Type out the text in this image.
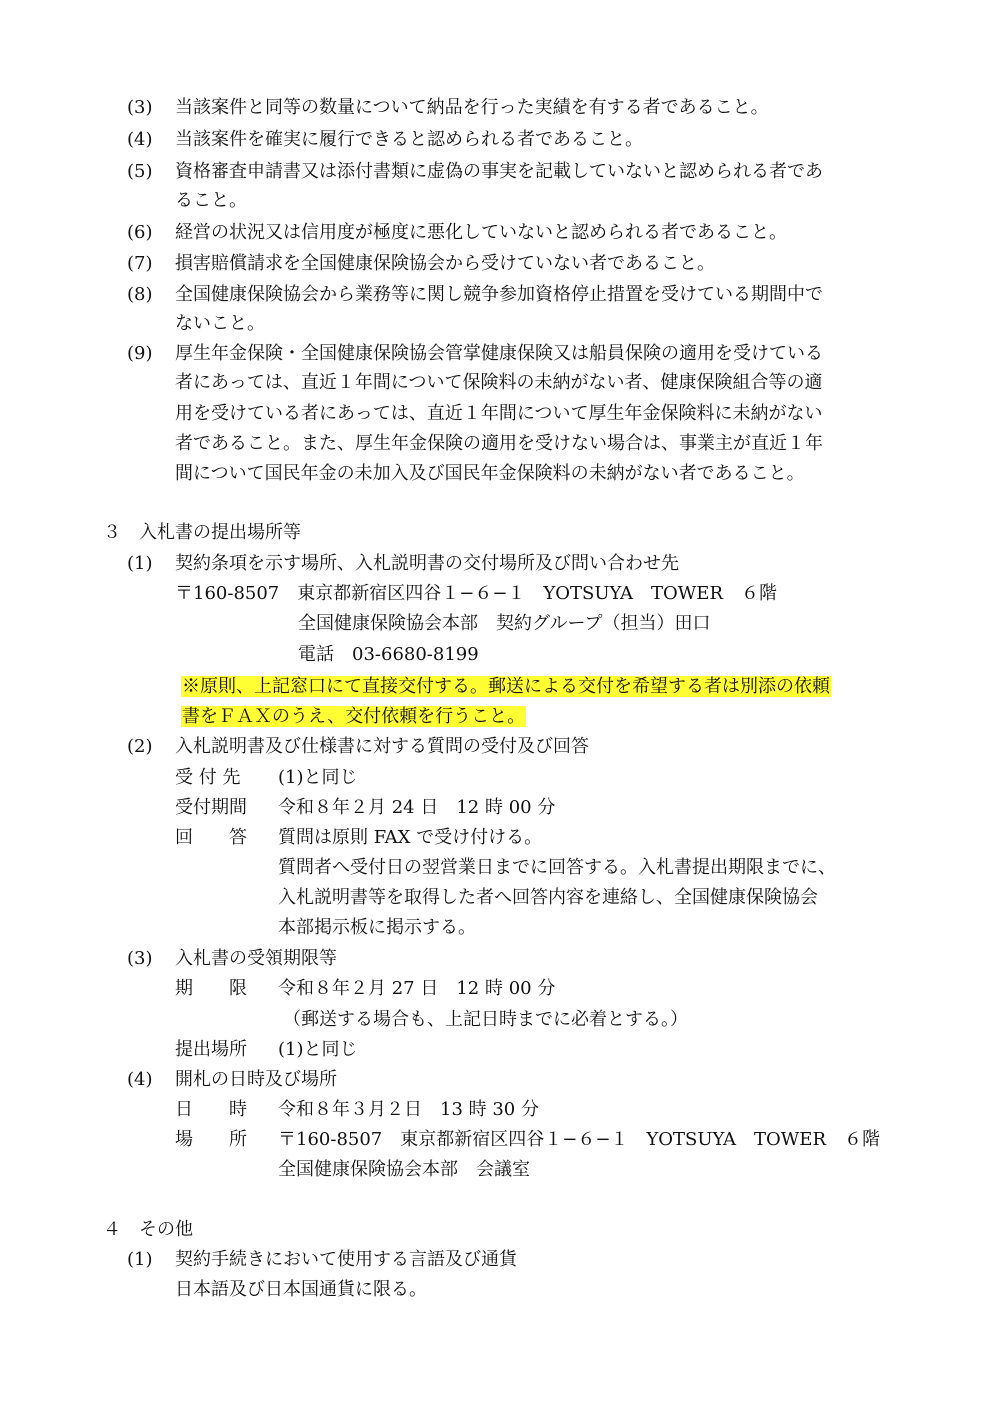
(3) 当該案件と同等の数量について納品を行った実績を有する者であること。
(4) 当該案件を確実に履行できると認められる者であること。
(5) 資格審査申請書又は添付書類に虚偽の事実を記載していないと認められる者であ
ること。
(6) 経営の状況又は信用度が極度に悪化していないと認められる者であること。
(7) 損害賠償請求を全国健康保険協会から受けていない者であること。
(8) 全国健康保険協会から業務等に関し競争参加資格停止措置を受けている期間中で
ないこと。
(9) 厚生年金保険・全国健康保険協会管掌健康保険又は船員保険の適用を受けている
者にあっては、直近１年間について保険料の未納がない者、健康保険組合等の適
用を受けている者にあっては、直近１年間について厚生年金保険料に未納がない
者であること。また、厚生年金保険の適用を受けない場合は、事業主が直近１年
間について国民年金の未加入及び国民年金保険料の未納がない者であること。
３　入札書の提出場所等
(1) 契約条項を示す場所、入札説明書の交付場所及び問い合わせ先
〒160-8507　東京都新宿区四谷１−６−１　YOTSUYA　TOWER　６階
全国健康保険協会本部　契約グループ（担当）田口
電話　03-6680-8199
※原則、上記窓口にて直接交付する。郵送による交付を希望する者は別添の依頼
書をＦＡＸのうえ、交付依頼を行うこと。
(2) 入札説明書及び仕様書に対する質問の受付及び回答
受 付 先 (1)と同じ
受付期間 令和８年２月 24 日　12 時 00 分
回　　答 質問は原則 FAX で受け付ける。
質問者へ受付日の翌営業日までに回答する。入札書提出期限までに、
入札説明書等を取得した者へ回答内容を連絡し、全国健康保険協会
本部掲示板に掲示する。
(3) 入札書の受領期限等
期　　限 令和８年２月 27 日　12 時 00 分
（郵送する場合も、上記日時までに必着とする。）
提出場所 (1)と同じ
(4) 開札の日時及び場所
日　　時 令和８年３月２日　13 時 30 分
場　　所 〒160-8507　東京都新宿区四谷１−６−１　YOTSUYA　TOWER　６階
全国健康保険協会本部　会議室
４　その他
(1) 契約手続きにおいて使用する言語及び通貨
日本語及び日本国通貨に限る。
